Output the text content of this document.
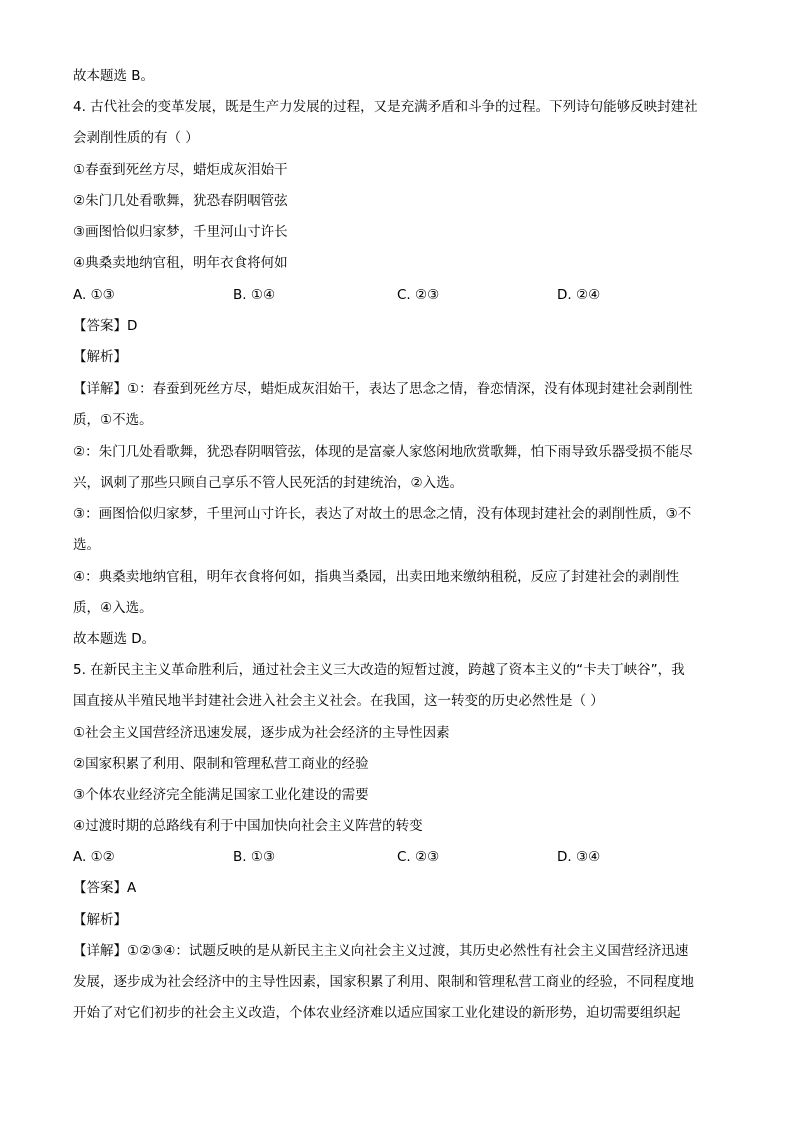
故本题选 B。
4. 古代社会的变革发展，既是生产力发展的过程，又是充满矛盾和斗争的过程。下列诗句能够反映封建社
会剥削性质的有（ ）
①春蚕到死丝方尽，蜡炬成灰泪始干
②朱门几处看歌舞，犹恐春阴咽管弦
③画图恰似归家梦，千里河山寸许长
④典桑卖地纳官租，明年衣食将何如
A. ①③	B. ①④	C. ②③	D. ②④
【答案】D
【解析】
【详解】①：春蚕到死丝方尽，蜡炬成灰泪始干，表达了思念之情，眷恋情深，没有体现封建社会剥削性
质，①不选。
②：朱门几处看歌舞，犹恐春阴咽管弦，体现的是富豪人家悠闲地欣赏歌舞，怕下雨导致乐器受损不能尽
兴，讽刺了那些只顾自己享乐不管人民死活的封建统治，②入选。
③：画图恰似归家梦，千里河山寸许长，表达了对故土的思念之情，没有体现封建社会的剥削性质，③不
选。
④：典桑卖地纳官租，明年衣食将何如，指典当桑园，出卖田地来缴纳租税，反应了封建社会的剥削性
质，④入选。
故本题选 D。
5. 在新民主主义革命胜利后，通过社会主义三大改造的短暂过渡，跨越了资本主义的“卡夫丁峡谷”，我
国直接从半殖民地半封建社会进入社会主义社会。在我国，这一转变的历史必然性是（ ）
①社会主义国营经济迅速发展，逐步成为社会经济的主导性因素
②国家积累了利用、限制和管理私营工商业的经验
③个体农业经济完全能满足国家工业化建设的需要
④过渡时期的总路线有利于中国加快向社会主义阵营的转变
A. ①②	B. ①③	C. ②③	D. ③④
【答案】A
【解析】
【详解】①②③④：试题反映的是从新民主主义向社会主义过渡，其历史必然性有社会主义国营经济迅速
发展，逐步成为社会经济中的主导性因素，国家积累了利用、限制和管理私营工商业的经验，不同程度地
开始了对它们初步的社会主义改造，个体农业经济难以适应国家工业化建设的新形势，迫切需要组织起
